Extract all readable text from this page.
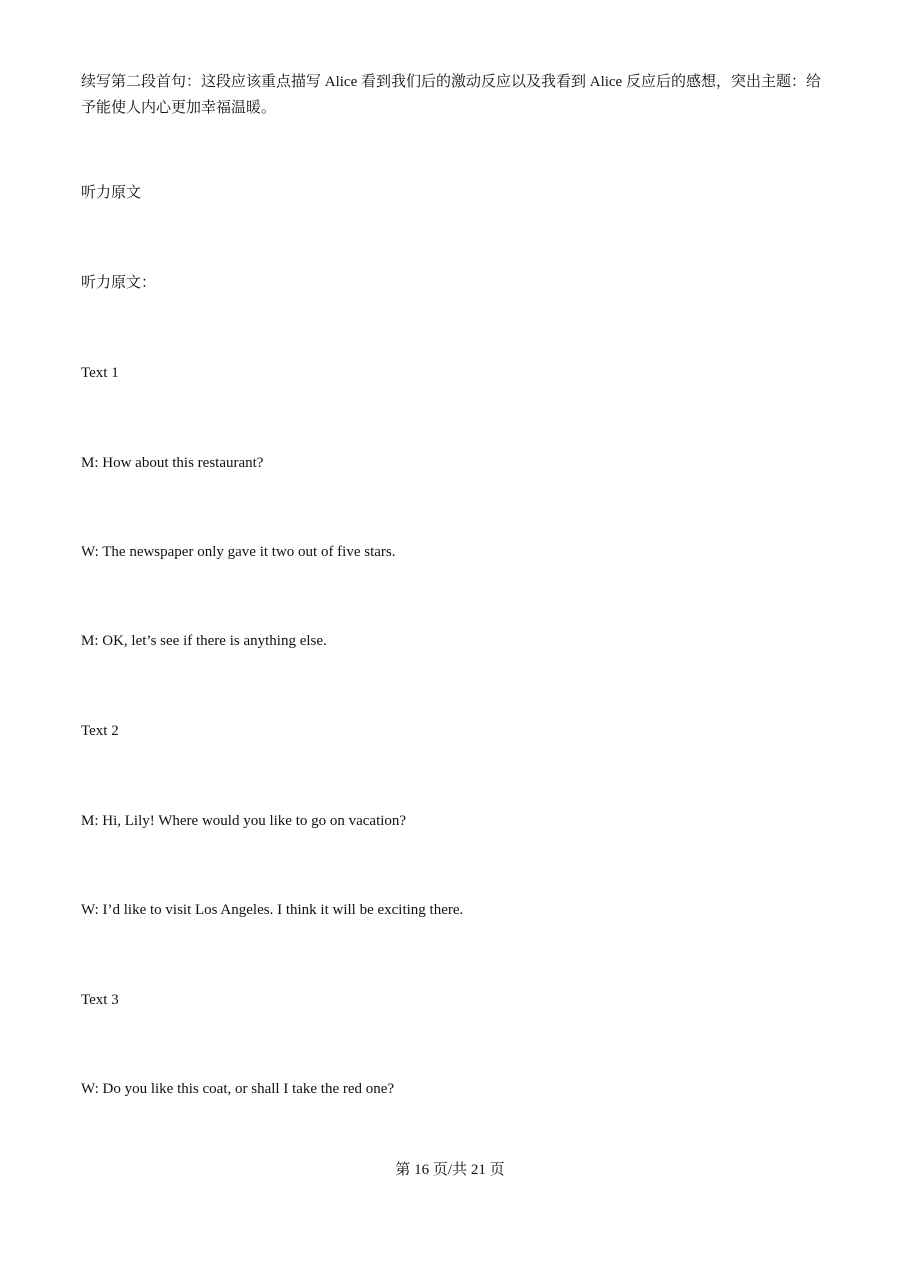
续写第二段首句：这段应该重点描写 Alice 看到我们后的激动反应以及我看到 Alice 反应后的感想，突出主题：给予能使人内心更加幸福温暖。
听力原文
听力原文：
Text 1
M: How about this restaurant?
W: The newspaper only gave it two out of five stars.
M: OK, let’s see if there is anything else.
Text 2
M: Hi, Lily! Where would you like to go on vacation?
W: I’d like to visit Los Angeles. I think it will be exciting there.
Text 3
W: Do you like this coat, or shall I take the red one?
第 16 页/共 21 页
